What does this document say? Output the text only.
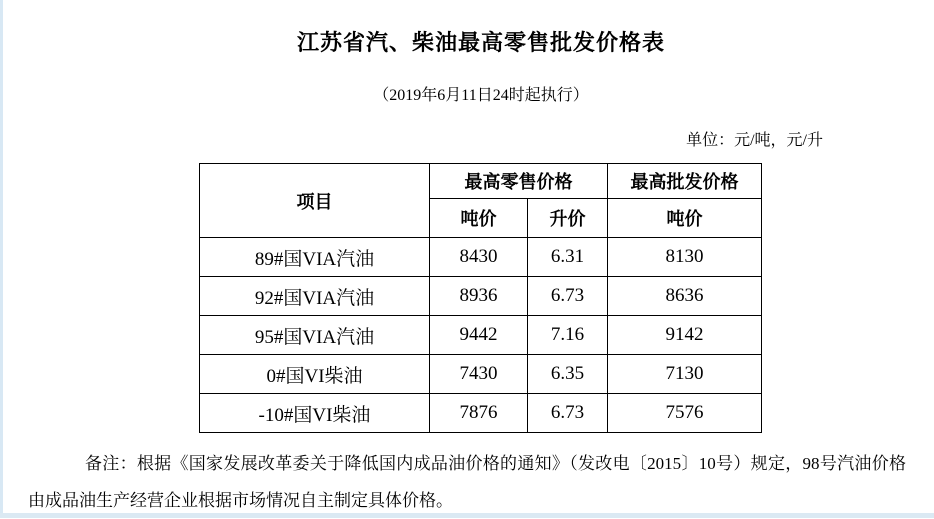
江苏省汽、柴油最高零售批发价格表
（2019年6月11日24时起执行）
单位：元/吨，元/升
项目	最高零售价格		最高批发价格
	吨价	升价	吨价
89#国VIA汽油	8430	6.31	8130
92#国VIA汽油	8936	6.73	8636
95#国VIA汽油	9442	7.16	9142
0#国VI柴油	7430	6.35	7130
-10#国VI柴油	7876	6.73	7576
备注：根据《国家发展改革委关于降低国内成品油价格的通知》（发改电〔2015〕10号）规定，98号汽油价格由成品油生产经营企业根据市场情况自主制定具体价格。
